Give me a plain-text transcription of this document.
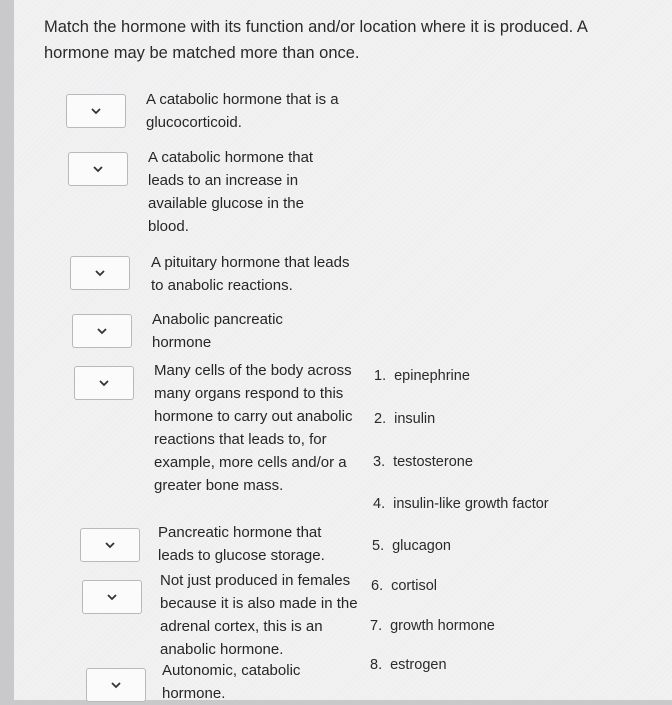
Match the hormone with its function and/or location where it is produced. A hormone may be matched more than once.
A catabolic hormone that is a glucocorticoid.
A catabolic hormone that leads to an increase in available glucose in the blood.
A pituitary hormone that leads to anabolic reactions.
Anabolic pancreatic hormone
Many cells of the body across many organs respond to this hormone to carry out anabolic reactions that leads to, for example, more cells and/or a greater bone mass.
Pancreatic hormone that leads to glucose storage.
Not just produced in females because it is also made in the adrenal cortex, this is an anabolic hormone.
Autonomic, catabolic hormone.
1. epinephrine
2. insulin
3. testosterone
4. insulin-like growth factor
5. glucagon
6. cortisol
7. growth hormone
8. estrogen
